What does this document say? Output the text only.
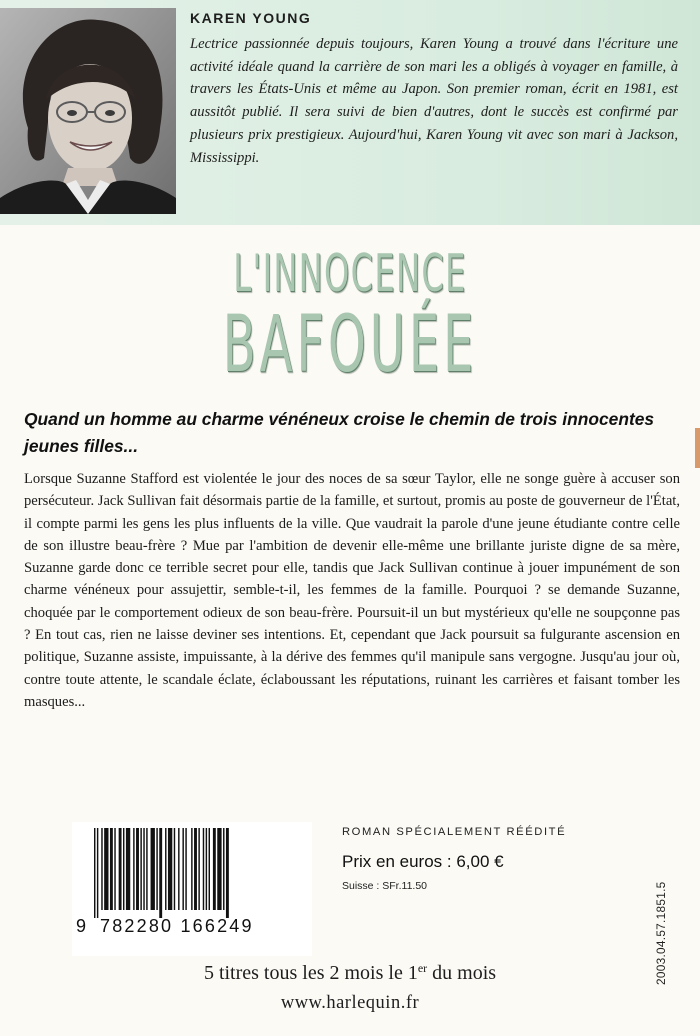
KAREN YOUNG

Lectrice passionnée depuis toujours, Karen Young a trouvé dans l'écriture une activité idéale quand la carrière de son mari les a obligés à voyager en famille, à travers les États-Unis et même au Japon. Son premier roman, écrit en 1981, est aussitôt publié. Il sera suivi de bien d'autres, dont le succès est confirmé par plusieurs prix prestigieux. Aujourd'hui, Karen Young vit avec son mari à Jackson, Mississippi.

L'INNOCENCE
BAFOUÉE

Quand un homme au charme vénéneux croise le chemin de trois innocentes jeunes filles...

Lorsque Suzanne Stafford est violentée le jour des noces de sa sœur Taylor, elle ne songe guère à accuser son persécuteur. Jack Sullivan fait désormais partie de la famille, et surtout, promis au poste de gouverneur de l'État, il compte parmi les gens les plus influents de la ville. Que vaudrait la parole d'une jeune étudiante contre celle de son illustre beau-frère ? Mue par l'ambition de devenir elle-même une brillante juriste digne de sa mère, Suzanne garde donc ce terrible secret pour elle, tandis que Jack Sullivan continue à jouer impunément de son charme vénéneux pour assujettir, semble-t-il, les femmes de la famille. Pourquoi ? se demande Suzanne, choquée par le comportement odieux de son beau-frère. Poursuit-il un but mystérieux qu'elle ne soupçonne pas ? En tout cas, rien ne laisse deviner ses intentions. Et, cependant que Jack poursuit sa fulgurante ascension en politique, Suzanne assiste, impuissante, à la dérive des femmes qu'il manipule sans vergogne. Jusqu'au jour où, contre toute attente, le scandale éclate, éclaboussant les réputations, ruinant les carrières et faisant tomber les masques...

9 782280 166249
ROMAN SPÉCIALEMENT RÉÉDITÉ
Prix en euros : 6,00 €
Suisse : SFr.11.50	2003.04.57.1851.5
5 titres tous les 2 mois le 1er du mois
www.harlequin.fr
